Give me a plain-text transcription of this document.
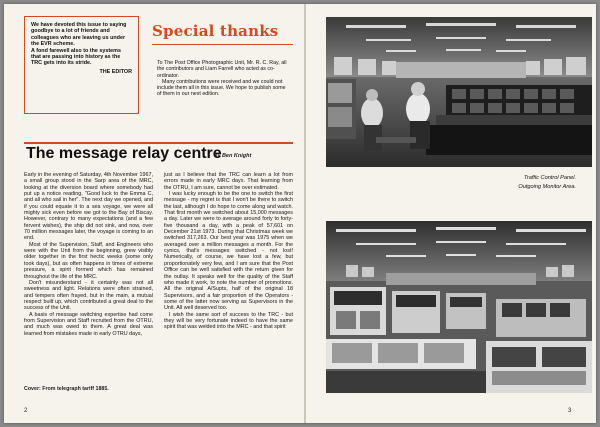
We have devoted this issue to saying goodbye to a lot of friends and colleagues who are leaving us under the EVR scheme.

A fond farewell also to the systems that are passing into history as the TRC gets into its stride.

THE EDITOR

Special thanks

To The Post Office Photographic Unit, Mr. R. C. Ray, all the contributors and Liam Farrell who acted as co-ordinator.

Many contributions were received and we could not include them all in this issue. We hope to publish some of them in our next edition.

The message relay centre
by Ben Knight

Early in the evening of Saturday, 4th November 1967, a small group stood in the Sarp area of the MRC, looking at the diversion board where somebody had put up a notice reading, "Good luck to the Emma C, and all who sail in her". The next day we opened, and if you could equate it to a sea voyage, we were all mighty sick even before we got to the Bay of Biscay. However, contrary to many expectations (and a few fervent wishes), the ship did not sink, and now, over 70 million messages later, the voyage is coming to an end.

Most of the Supervision, Staff, and Engineers who were with the Unit from the beginning, grew visibly older together in the first hectic weeks (some only took days), but as often happens in times of extreme pressure, a spirit formed which has remained throughout the life of the MRC.

Don't misunderstand - it certainly was not all sweetness and light. Relations were often strained, and tempers often frayed, but in the main, a mutual respect built up, which contributed a great deal to the success of the Unit.

A basis of message switching expertise had come from Supervision and Staff recruited from the OTRU, and much was owed to them. A great deal was learned from mistakes made in early OTRU days,

just as I believe that the TRC can learn a lot from errors made in early MRC days. That learning from the OTRU, I am sure, cannot be over estimated.

I was lucky enough to be the one to switch the first message - my regret is that I won't be there to switch the last, although I do hope to come along and watch. That first month we switched about 15,000 messages a day. Later we were to average around forty to forty-five thousand a day, with a peak of 57,601 on December 21st 1973. During that Christmas week we switched 317,263. Our best year was 1975 when we averaged over a million messages a month. For the cynics, that's messages switched - not lost! Numerically, of course, we have lost a few, but proportionately very few, and I am sure that the Post Office can be well satisfied with the return given for the outlay. It speaks well for the quality of the Staff who made it work, to note the number of promotions. All the original A/Supts, half of the original 18 Supervisors, and a fair proportion of the Operators - some of the latter now serving as Supervisors in the Unit. All well deserved too.

I wish the same sort of success to the TRC - but they will be very fortunate indeed to have the same spirit that was welded into the MRC - and that spirit

Cover: From telegraph tariff 1885.
2
Traffic Control Panel.
Outgoing Monitor Area.
3
